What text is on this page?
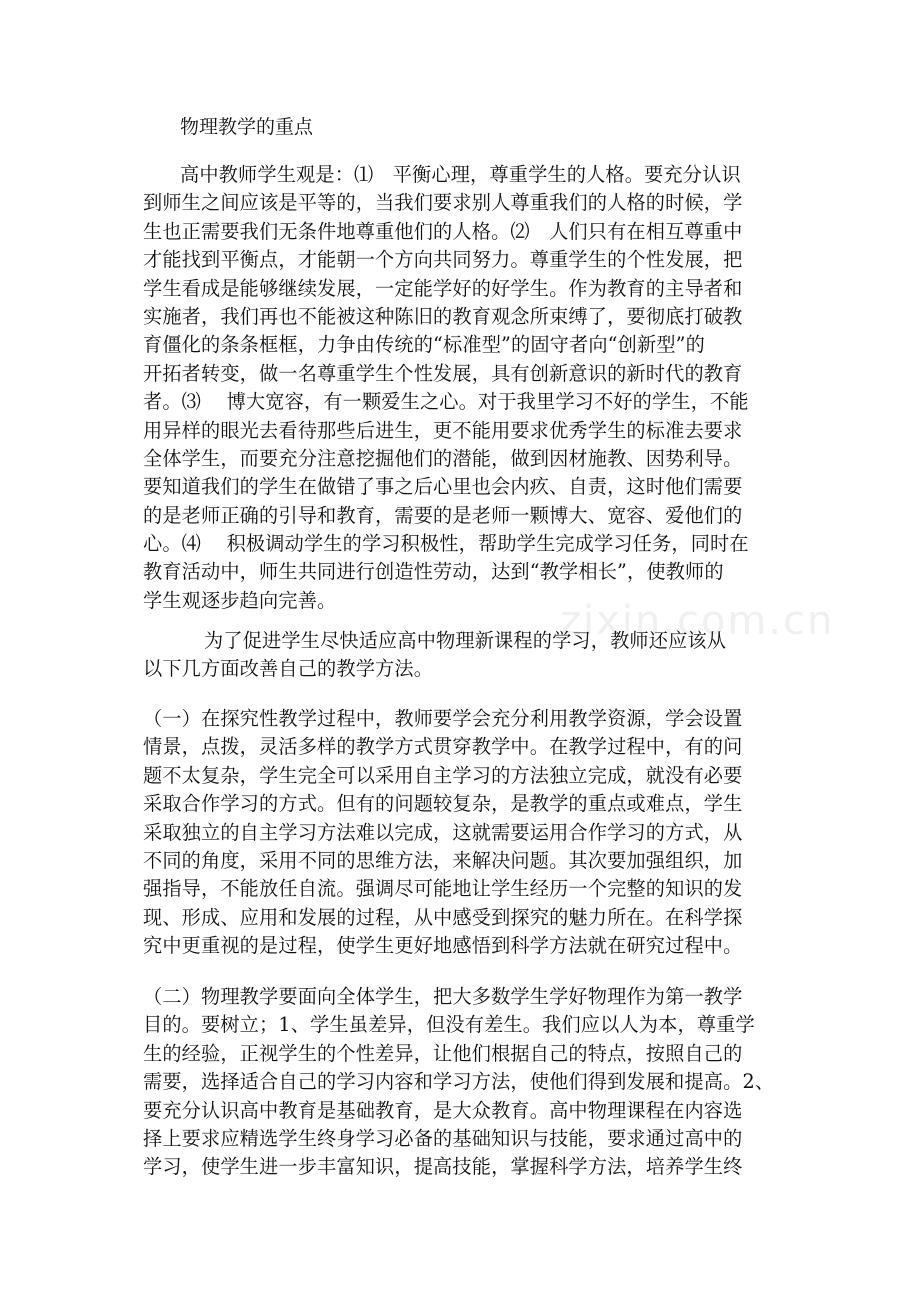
zixin.com.cn
物理教学的重点
高中教师学生观是：⑴　平衡心理，尊重学生的人格。要充分认识
到师生之间应该是平等的，当我们要求别人尊重我们的人格的时候，学
生也正需要我们无条件地尊重他们的人格。⑵　人们只有在相互尊重中
才能找到平衡点，才能朝一个方向共同努力。尊重学生的个性发展，把
学生看成是能够继续发展，一定能学好的好学生。作为教育的主导者和
实施者，我们再也不能被这种陈旧的教育观念所束缚了，要彻底打破教
育僵化的条条框框，力争由传统的“标准型”的固守者向“创新型”的
开拓者转变，做一名尊重学生个性发展，具有创新意识的新时代的教育
者。⑶　 博大宽容，有一颗爱生之心。对于我里学习不好的学生，不能
用异样的眼光去看待那些后进生，更不能用要求优秀学生的标准去要求
全体学生，而要充分注意挖掘他们的潜能，做到因材施教、因势利导。
要知道我们的学生在做错了事之后心里也会内疚、自责，这时他们需要
的是老师正确的引导和教育，需要的是老师一颗博大、宽容、爱他们的
心。⑷　 积极调动学生的学习积极性，帮助学生完成学习任务，同时在
教育活动中，师生共同进行创造性劳动，达到“教学相长”，使教师的
学生观逐步趋向完善。
为了促进学生尽快适应高中物理新课程的学习，教师还应该从
以下几方面改善自己的教学方法。
（一）在探究性教学过程中，教师要学会充分利用教学资源，学会设置
情景，点拨，灵活多样的教学方式贯穿教学中。在教学过程中，有的问
题不太复杂，学生完全可以采用自主学习的方法独立完成，就没有必要
采取合作学习的方式。但有的问题较复杂，是教学的重点或难点，学生
采取独立的自主学习方法难以完成，这就需要运用合作学习的方式，从
不同的角度，采用不同的思维方法，来解决问题。其次要加强组织，加
强指导，不能放任自流。强调尽可能地让学生经历一个完整的知识的发
现、形成、应用和发展的过程，从中感受到探究的魅力所在。在科学探
究中更重视的是过程，使学生更好地感悟到科学方法就在研究过程中。
（二）物理教学要面向全体学生，把大多数学生学好物理作为第一教学
目的。要树立；1、学生虽差异，但没有差生。我们应以人为本，尊重学
生的经验，正视学生的个性差异，让他们根据自己的特点，按照自己的
需要，选择适合自己的学习内容和学习方法，使他们得到发展和提高。2、
要充分认识高中教育是基础教育，是大众教育。高中物理课程在内容选
择上要求应精选学生终身学习必备的基础知识与技能，要求通过高中的
学习，使学生进一步丰富知识，提高技能，掌握科学方法，培养学生终
